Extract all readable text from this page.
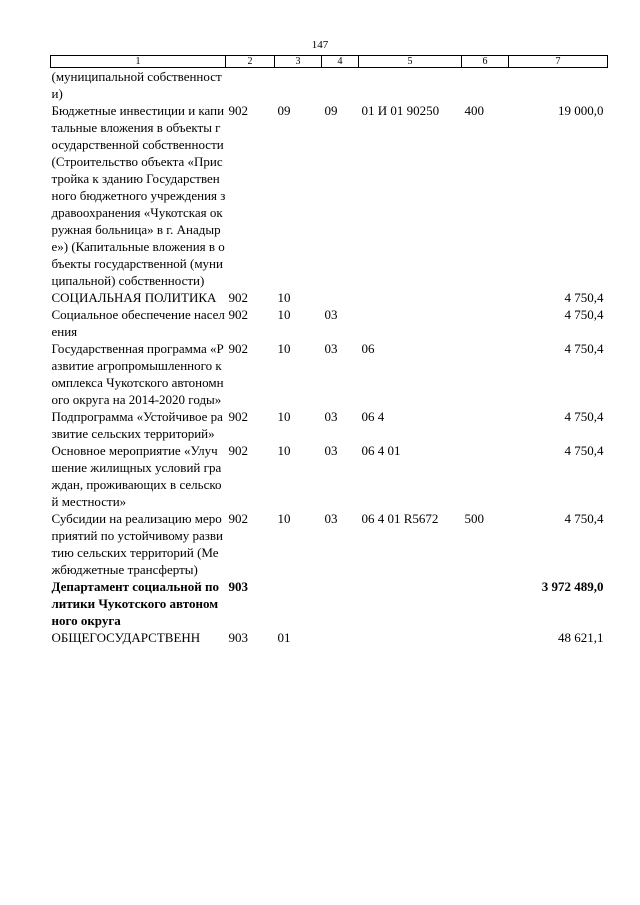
147
1	2	3	4	5	6	7
(муниципальной собственности)						
Бюджетные инвестиции и капитальные вложения в объекты государственной собственности (Строительство объекта «Пристройка к зданию Государственного бюджетного учреждения здравоохранения «Чукотская окружная больница» в г. Анадыре») (Капитальные вложения в объекты государственной (муниципальной) собственности)	902	09	09	01 И 01 90250	400	19 000,0
СОЦИАЛЬНАЯ ПОЛИТИКА	902	10				4 750,4
Социальное обеспечение населения	902	10	03			4 750,4
Государственная программа «Развитие агропромышленного комплекса Чукотского автономного округа на 2014-2020 годы»	902	10	03	06		4 750,4
Подпрограмма «Устойчивое развитие сельских территорий»	902	10	03	06 4		4 750,4
Основное мероприятие «Улучшение жилищных условий граждан, проживающих в сельской местности»	902	10	03	06 4 01		4 750,4
Субсидии на реализацию мероприятий по устойчивому развитию сельских территорий (Межбюджетные трансферты)	902	10	03	06 4 01 R5672	500	4 750,4
Департамент социальной политики Чукотского автономного округа	903					3 972 489,0
ОБЩЕГОСУДАРСТВЕНН	903	01				48 621,1
